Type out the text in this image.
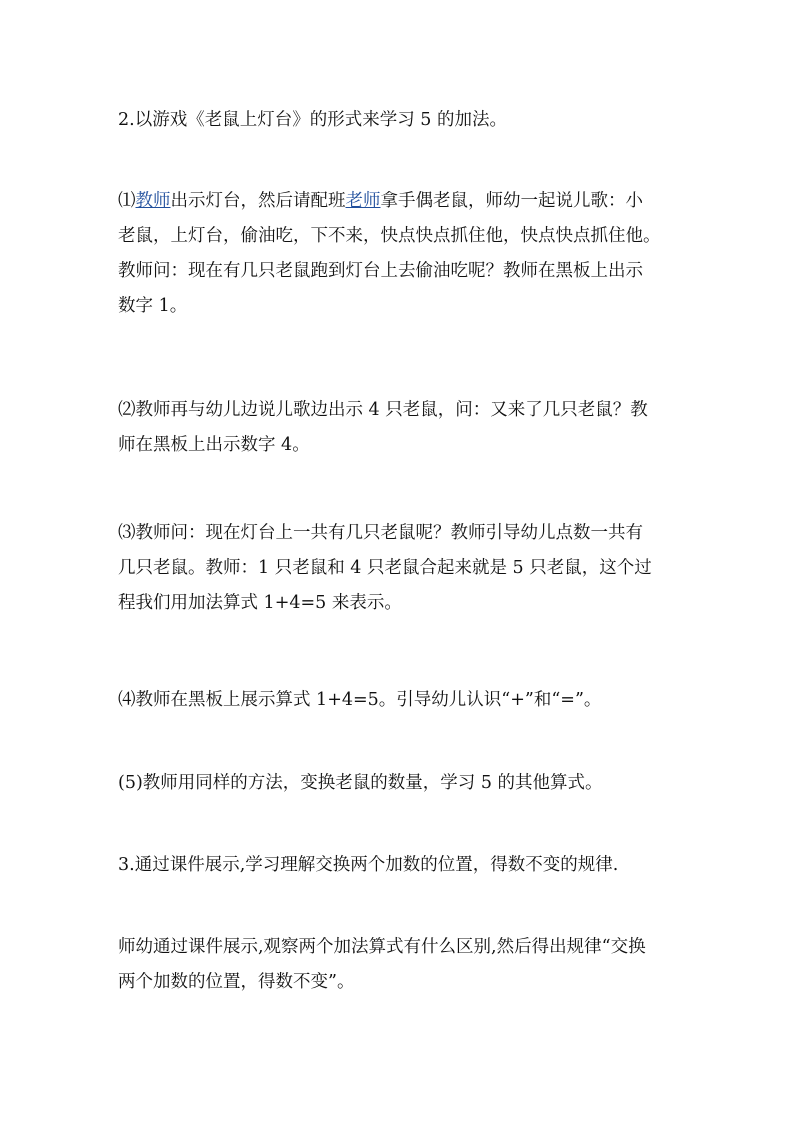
2.以游戏《老鼠上灯台》的形式来学习 5 的加法。

⑴教师出示灯台，然后请配班老师拿手偶老鼠，师幼一起说儿歌：小
老鼠，上灯台，偷油吃，下不来，快点快点抓住他，快点快点抓住他。
教师问：现在有几只老鼠跑到灯台上去偷油吃呢？教师在黑板上出示
数字 1。

⑵教师再与幼儿边说儿歌边出示 4 只老鼠，问：又来了几只老鼠？教
师在黑板上出示数字 4。

⑶教师问：现在灯台上一共有几只老鼠呢？教师引导幼儿点数一共有
几只老鼠。教师：1 只老鼠和 4 只老鼠合起来就是 5 只老鼠，这个过
程我们用加法算式 1+4=5 来表示。

⑷教师在黑板上展示算式 1+4=5。引导幼儿认识“+”和“=”。

(5)教师用同样的方法，变换老鼠的数量，学习 5 的其他算式。

3.通过课件展示,学习理解交换两个加数的位置，得数不变的规律.

师幼通过课件展示,观察两个加法算式有什么区别,然后得出规律“交换
两个加数的位置，得数不变”。
